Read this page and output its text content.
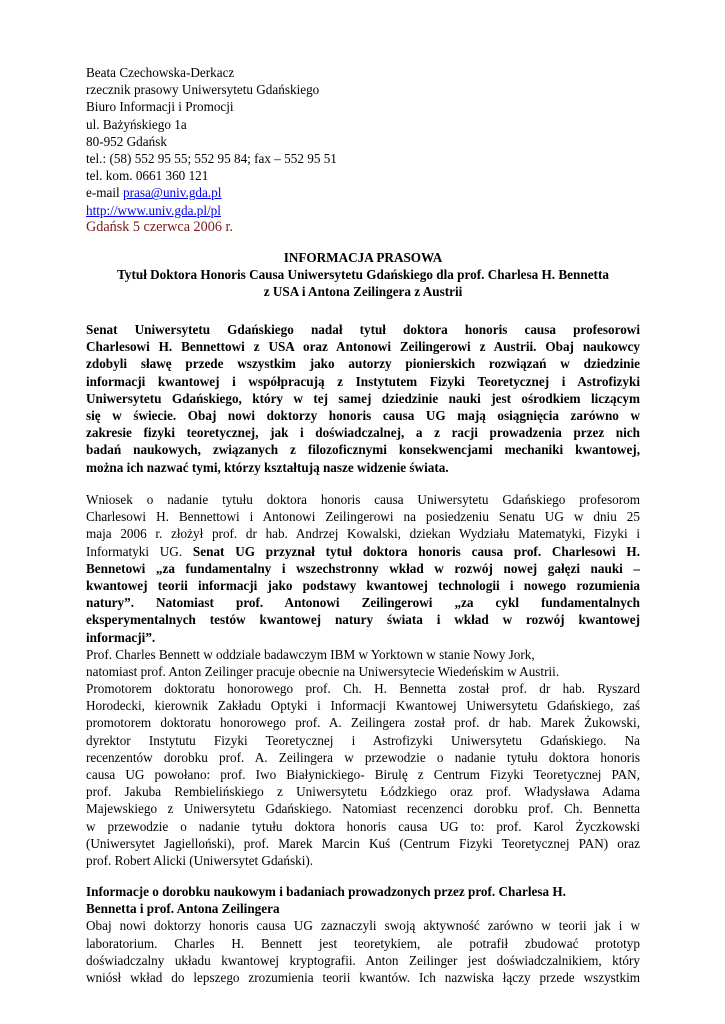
Beata Czechowska-Derkacz
rzecznik prasowy Uniwersytetu Gdańskiego
Biuro Informacji i Promocji
ul. Bażyńskiego 1a
80-952 Gdańsk
tel.: (58) 552 95 55; 552 95 84; fax – 552 95 51
tel. kom. 0661 360 121
e-mail prasa@univ.gda.pl
http://www.univ.gda.pl/pl
Gdańsk 5 czerwca 2006 r.
INFORMACJA PRASOWA
Tytuł Doktora Honoris Causa Uniwersytetu Gdańskiego dla prof. Charlesa H. Bennetta
z USA i Antona Zeilingera z Austrii
Senat Uniwersytetu Gdańskiego nadał tytuł doktora honoris causa profesorowi
Charlesowi H. Bennettowi z USA oraz Antonowi Zeilingerowi z Austrii. Obaj naukowcy
zdobyli sławę przede wszystkim jako autorzy pionierskich rozwiązań w dziedzinie
informacji kwantowej i współpracują z Instytutem Fizyki Teoretycznej i Astrofizyki
Uniwersytetu Gdańskiego, który w tej samej dziedzinie nauki jest ośrodkiem liczącym
się w świecie. Obaj nowi doktorzy honoris causa UG mają osiągnięcia zarówno w
zakresie fizyki teoretycznej, jak i doświadczalnej, a z racji prowadzenia przez nich
badań naukowych, związanych z filozoficznymi konsekwencjami mechaniki kwantowej,
można ich nazwać tymi, którzy kształtują nasze widzenie świata.
Wniosek o nadanie tytułu doktora honoris causa Uniwersytetu Gdańskiego profesorom
Charlesowi H. Bennettowi i Antonowi Zeilingerowi na posiedzeniu Senatu UG w dniu 25
maja 2006 r. złożył prof. dr hab. Andrzej Kowalski, dziekan Wydziału Matematyki, Fizyki i
Informatyki UG. Senat UG przyznał tytuł doktora honoris causa prof. Charlesowi H.
Bennetowi „za fundamentalny i wszechstronny wkład w rozwój nowej gałęzi nauki –
kwantowej teorii informacji jako podstawy kwantowej technologii i nowego rozumienia
natury”. Natomiast prof. Antonowi Zeilingerowi „za cykl fundamentalnych
eksperymentalnych testów kwantowej natury świata i wkład w rozwój kwantowej
informacji”.
Prof. Charles Bennett w oddziale badawczym IBM w Yorktown w stanie Nowy Jork,
natomiast prof. Anton Zeilinger pracuje obecnie na Uniwersytecie Wiedeńskim w Austrii.
Promotorem doktoratu honorowego prof. Ch. H. Bennetta został prof. dr hab. Ryszard
Horodecki, kierownik Zakładu Optyki i Informacji Kwantowej Uniwersytetu Gdańskiego, zaś
promotorem doktoratu honorowego prof. A. Zeilingera został prof. dr hab. Marek Żukowski,
dyrektor Instytutu Fizyki Teoretycznej i Astrofizyki Uniwersytetu Gdańskiego. Na
recenzentów dorobku prof. A. Zeilingera w przewodzie o nadanie tytułu doktora honoris
causa UG powołano: prof. Iwo Białynickiego- Birulę z Centrum Fizyki Teoretycznej PAN,
prof. Jakuba Rembielińskiego z Uniwersytetu Łódzkiego oraz prof. Władysława Adama
Majewskiego z Uniwersytetu Gdańskiego. Natomiast recenzenci dorobku prof. Ch. Bennetta
w przewodzie o nadanie tytułu doktora honoris causa UG to: prof. Karol Życzkowski
(Uniwersytet Jagielloński), prof. Marek Marcin Kuś (Centrum Fizyki Teoretycznej PAN) oraz
prof. Robert Alicki (Uniwersytet Gdański).
Informacje o dorobku naukowym i badaniach prowadzonych przez prof. Charlesa H.
Bennetta i prof. Antona Zeilingera
Obaj nowi doktorzy honoris causa UG zaznaczyli swoją aktywność zarówno w teorii jak i w
laboratorium. Charles H. Bennett jest teoretykiem, ale potrafił zbudować prototyp
doświadczalny układu kwantowej kryptografii. Anton Zeilinger jest doświadczalnikiem, który
wniósł wkład do lepszego zrozumienia teorii kwantów. Ich nazwiska łączy przede wszystkim
